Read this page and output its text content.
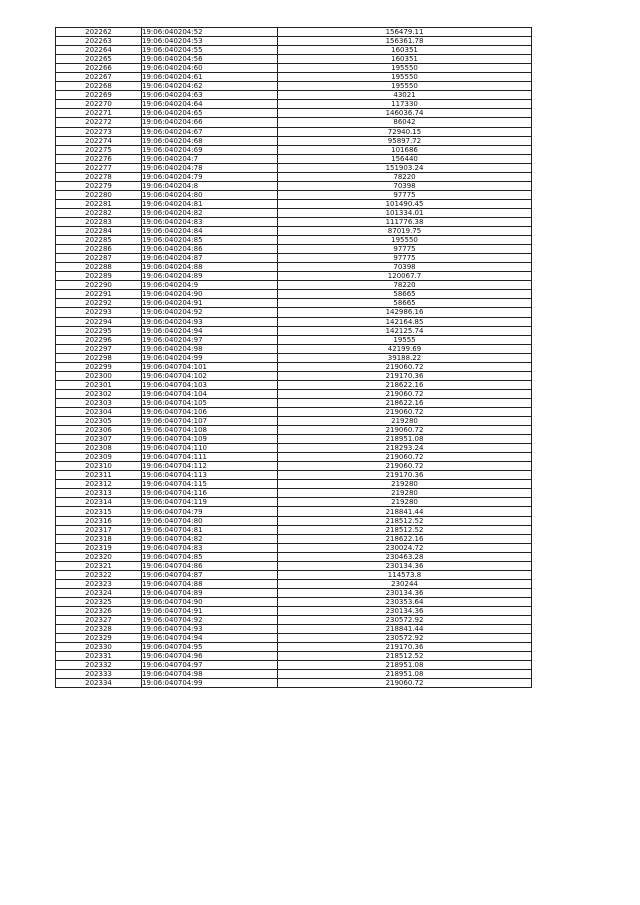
202262	19:06:040204:52	156479.11
202263	19:06:040204:53	156361.78
202264	19:06:040204:55	160351
202265	19:06:040204:56	160351
202266	19:06:040204:60	195550
202267	19:06:040204:61	195550
202268	19:06:040204:62	195550
202269	19:06:040204:63	43021
202270	19:06:040204:64	117330
202271	19:06:040204:65	146036.74
202272	19:06:040204:66	86042
202273	19:06:040204:67	72940.15
202274	19:06:040204:68	95897.72
202275	19:06:040204:69	101686
202276	19:06:040204:7	156440
202277	19:06:040204:78	151903.24
202278	19:06:040204:79	78220
202279	19:06:040204:8	70398
202280	19:06:040204:80	97775
202281	19:06:040204:81	101490.45
202282	19:06:040204:82	101334.01
202283	19:06:040204:83	111776.38
202284	19:06:040204:84	87019.75
202285	19:06:040204:85	195550
202286	19:06:040204:86	97775
202287	19:06:040204:87	97775
202288	19:06:040204:88	70398
202289	19:06:040204:89	120067.7
202290	19:06:040204:9	78220
202291	19:06:040204:90	58665
202292	19:06:040204:91	58665
202293	19:06:040204:92	142986.16
202294	19:06:040204:93	142164.85
202295	19:06:040204:94	142125.74
202296	19:06:040204:97	19555
202297	19:06:040204:98	42199.69
202298	19:06:040204:99	39188.22
202299	19:06:040704:101	219060.72
202300	19:06:040704:102	219170.36
202301	19:06:040704:103	218622.16
202302	19:06:040704:104	219060.72
202303	19:06:040704:105	218622.16
202304	19:06:040704:106	219060.72
202305	19:06:040704:107	219280
202306	19:06:040704:108	219060.72
202307	19:06:040704:109	218951.08
202308	19:06:040704:110	218293.24
202309	19:06:040704:111	219060.72
202310	19:06:040704:112	219060.72
202311	19:06:040704:113	219170.36
202312	19:06:040704:115	219280
202313	19:06:040704:116	219280
202314	19:06:040704:119	219280
202315	19:06:040704:79	218841.44
202316	19:06:040704:80	218512.52
202317	19:06:040704:81	218512.52
202318	19:06:040704:82	218622.16
202319	19:06:040704:83	230024.72
202320	19:06:040704:85	230463.28
202321	19:06:040704:86	230134.36
202322	19:06:040704:87	114573.8
202323	19:06:040704:88	230244
202324	19:06:040704:89	230134.36
202325	19:06:040704:90	230353.64
202326	19:06:040704:91	230134.36
202327	19:06:040704:92	230572.92
202328	19:06:040704:93	218841.44
202329	19:06:040704:94	230572.92
202330	19:06:040704:95	219170.36
202331	19:06:040704:96	218512.52
202332	19:06:040704:97	218951.08
202333	19:06:040704:98	218951.08
202334	19:06:040704:99	219060.72
